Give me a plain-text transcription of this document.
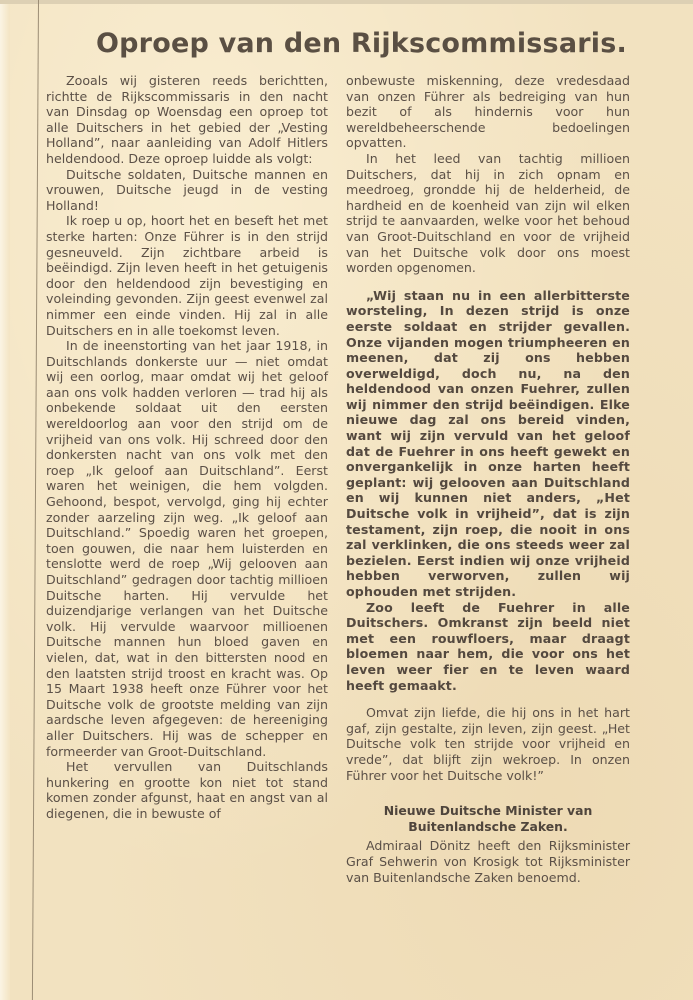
Oproep van den Rijkscommissaris.

Zooals wij gisteren reeds berichtten, richtte de Rijkscommissaris in den nacht van Dinsdag op Woensdag een oproep tot alle Duitschers in het gebied der „Vesting Holland”, naar aanleiding van Adolf Hitlers heldendood. Deze oproep luidde als volgt:

Duitsche soldaten, Duitsche mannen en vrouwen, Duitsche jeugd in de vesting Holland!

Ik roep u op, hoort het en beseft het met sterke harten: Onze Führer is in den strijd gesneuveld. Zijn zichtbare arbeid is beëindigd. Zijn leven heeft in het getuigenis door den heldendood zijn bevestiging en voleinding gevonden. Zijn geest evenwel zal nimmer een einde vinden. Hij zal in alle Duitschers en in alle toekomst leven.

In de ineenstorting van het jaar 1918, in Duitschlands donkerste uur — niet omdat wij een oorlog, maar omdat wij het geloof aan ons volk hadden verloren — trad hij als onbekende soldaat uit den eersten wereldoorlog aan voor den strijd om de vrijheid van ons volk. Hij schreed door den donkersten nacht van ons volk met den roep „Ik geloof aan Duitschland”. Eerst waren het weinigen, die hem volgden. Gehoond, bespot, vervolgd, ging hij echter zonder aarzeling zijn weg. „Ik geloof aan Duitschland.” Spoedig waren het groepen, toen gouwen, die naar hem luisterden en tenslotte werd de roep „Wij gelooven aan Duitschland” gedragen door tachtig millioen Duitsche harten. Hij vervulde het duizendjarige verlangen van het Duitsche volk. Hij vervulde waarvoor millioenen Duitsche mannen hun bloed gaven en vielen, dat, wat in den bittersten nood en den laatsten strijd troost en kracht was. Op 15 Maart 1938 heeft onze Führer voor het Duitsche volk de grootste melding van zijn aardsche leven afgegeven: de hereeniging aller Duitschers. Hij was de schepper en formeerder van Groot-Duitschland.

Het vervullen van Duitschlands hunkering en grootte kon niet tot stand komen zonder afgunst, haat en angst van al diegenen, die in bewuste of

onbewuste miskenning, deze vredesdaad van onzen Führer als bedreiging van hun bezit of als hindernis voor hun wereldbeheerschende bedoelingen opvatten.

In het leed van tachtig millioen Duitschers, dat hij in zich opnam en meedroeg, grondde hij de helderheid, de hardheid en de koenheid van zijn wil elken strijd te aanvaarden, welke voor het behoud van Groot-Duitschland en voor de vrijheid van het Duitsche volk door ons moest worden opgenomen.

„Wij staan nu in een allerbitterste worsteling, In dezen strijd is onze eerste soldaat en strijder gevallen. Onze vijanden mogen triumpheeren en meenen, dat zij ons hebben overweldigd, doch nu, na den heldendood van onzen Fuehrer, zullen wij nimmer den strijd beëindigen. Elke nieuwe dag zal ons bereid vinden, want wij zijn vervuld van het geloof dat de Fuehrer in ons heeft gewekt en onvergankelijk in onze harten heeft geplant: wij gelooven aan Duitschland en wij kunnen niet anders, „Het Duitsche volk in vrijheid”, dat is zijn testament, zijn roep, die nooit in ons zal verklinken, die ons steeds weer zal bezielen. Eerst indien wij onze vrijheid hebben verworven, zullen wij ophouden met strijden.

Zoo leeft de Fuehrer in alle Duitschers. Omkranst zijn beeld niet met een rouwfloers, maar draagt bloemen naar hem, die voor ons het leven weer fier en te leven waard heeft gemaakt.

Omvat zijn liefde, die hij ons in het hart gaf, zijn gestalte, zijn leven, zijn geest. „Het Duitsche volk ten strijde voor vrijheid en vrede”, dat blijft zijn wekroep. In onzen Führer voor het Duitsche volk!”

Nieuwe Duitsche Minister van
Buitenlandsche Zaken.

Admiraal Dönitz heeft den Rijksminister Graf Sehwerin von Krosigk tot Rijksminister van Buitenlandsche Zaken benoemd.
